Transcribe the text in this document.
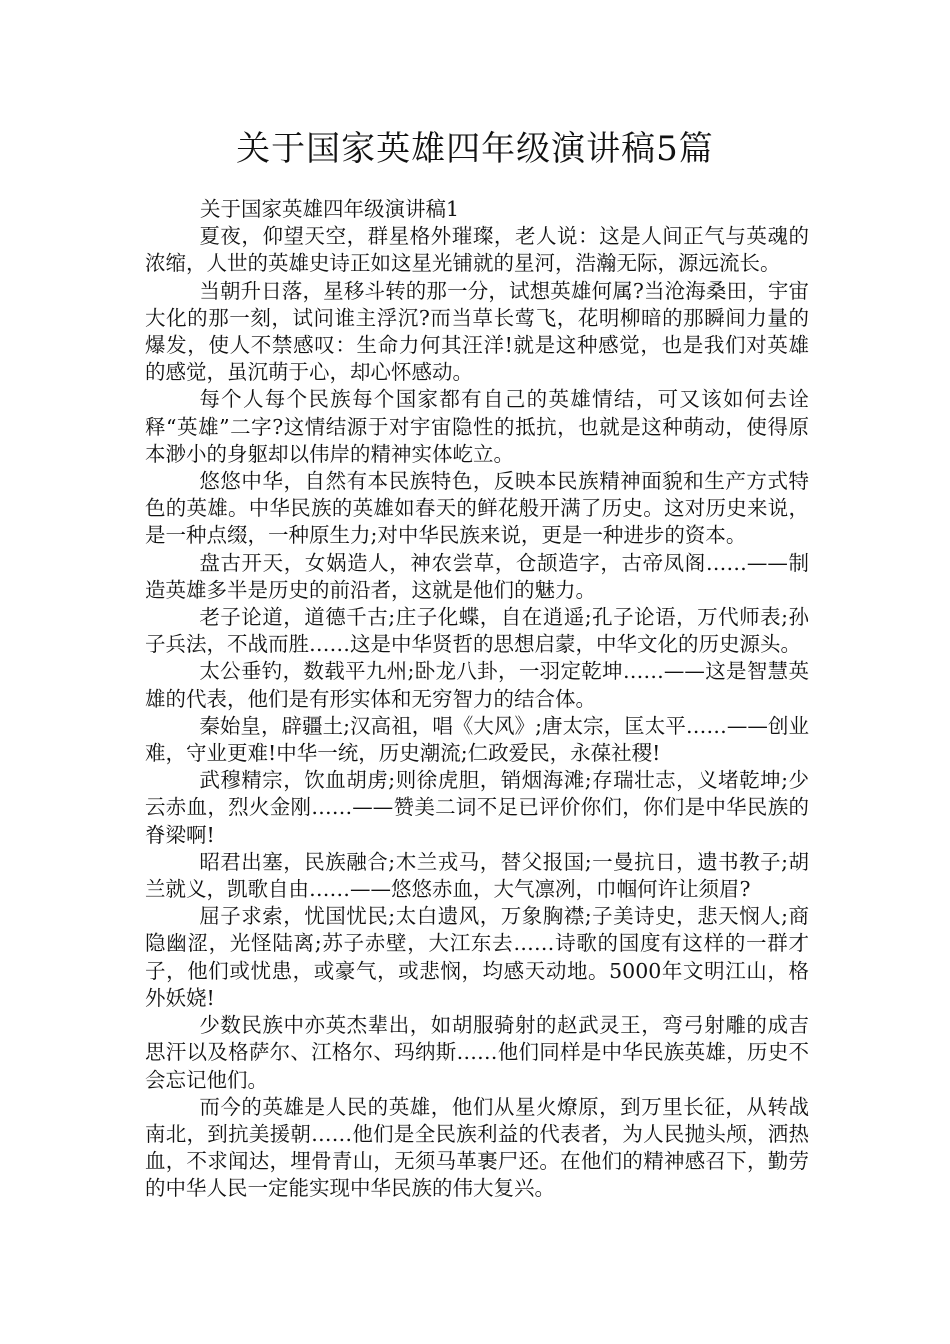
关于国家英雄四年级演讲稿5篇

关于国家英雄四年级演讲稿1

夏夜，仰望天空，群星格外璀璨，老人说：这是人间正气与英魂的浓缩，人世的英雄史诗正如这星光铺就的星河，浩瀚无际，源远流长。

当朝升日落，星移斗转的那一分，试想英雄何属?当沧海桑田，宇宙大化的那一刻，试问谁主浮沉?而当草长莺飞，花明柳暗的那瞬间力量的爆发，使人不禁感叹：生命力何其汪洋!就是这种感觉，也是我们对英雄的感觉，虽沉萌于心，却心怀感动。

每个人每个民族每个国家都有自己的英雄情结，可又该如何去诠释“英雄”二字?这情结源于对宇宙隐性的抵抗，也就是这种萌动，使得原本渺小的身躯却以伟岸的精神实体屹立。

悠悠中华，自然有本民族特色，反映本民族精神面貌和生产方式特色的英雄。中华民族的英雄如春天的鲜花般开满了历史。这对历史来说，是一种点缀，一种原生力;对中华民族来说，更是一种进步的资本。

盘古开天，女娲造人，神农尝草，仓颉造字，古帝凤阁……——制造英雄多半是历史的前沿者，这就是他们的魅力。

老子论道，道德千古;庄子化蝶，自在逍遥;孔子论语，万代师表;孙子兵法，不战而胜……这是中华贤哲的思想启蒙，中华文化的历史源头。

太公垂钓，数载平九州;卧龙八卦，一羽定乾坤……——这是智慧英雄的代表，他们是有形实体和无穷智力的结合体。

秦始皇，辟疆土;汉高祖，唱《大风》;唐太宗，匡太平……——创业难，守业更难!中华一统，历史潮流;仁政爱民，永葆社稷!

武穆精宗，饮血胡虏;则徐虎胆，销烟海滩;存瑞壮志，义堵乾坤;少云赤血，烈火金刚……——赞美二词不足已评价你们，你们是中华民族的脊梁啊!

昭君出塞，民族融合;木兰戎马，替父报国;一曼抗日，遗书教子;胡兰就义，凯歌自由……——悠悠赤血，大气凛冽，巾帼何许让须眉?

屈子求索，忧国忧民;太白遗风，万象胸襟;子美诗史，悲天悯人;商隐幽涩，光怪陆离;苏子赤壁，大江东去……诗歌的国度有这样的一群才子，他们或忧患，或豪气，或悲悯，均感天动地。5000年文明江山，格外妖娆!

少数民族中亦英杰辈出，如胡服骑射的赵武灵王，弯弓射雕的成吉思汗以及格萨尔、江格尔、玛纳斯……他们同样是中华民族英雄，历史不会忘记他们。

而今的英雄是人民的英雄，他们从星火燎原，到万里长征，从转战南北，到抗美援朝……他们是全民族利益的代表者，为人民抛头颅，洒热血，不求闻达，埋骨青山，无须马革裹尸还。在他们的精神感召下，勤劳的中华人民一定能实现中华民族的伟大复兴。
